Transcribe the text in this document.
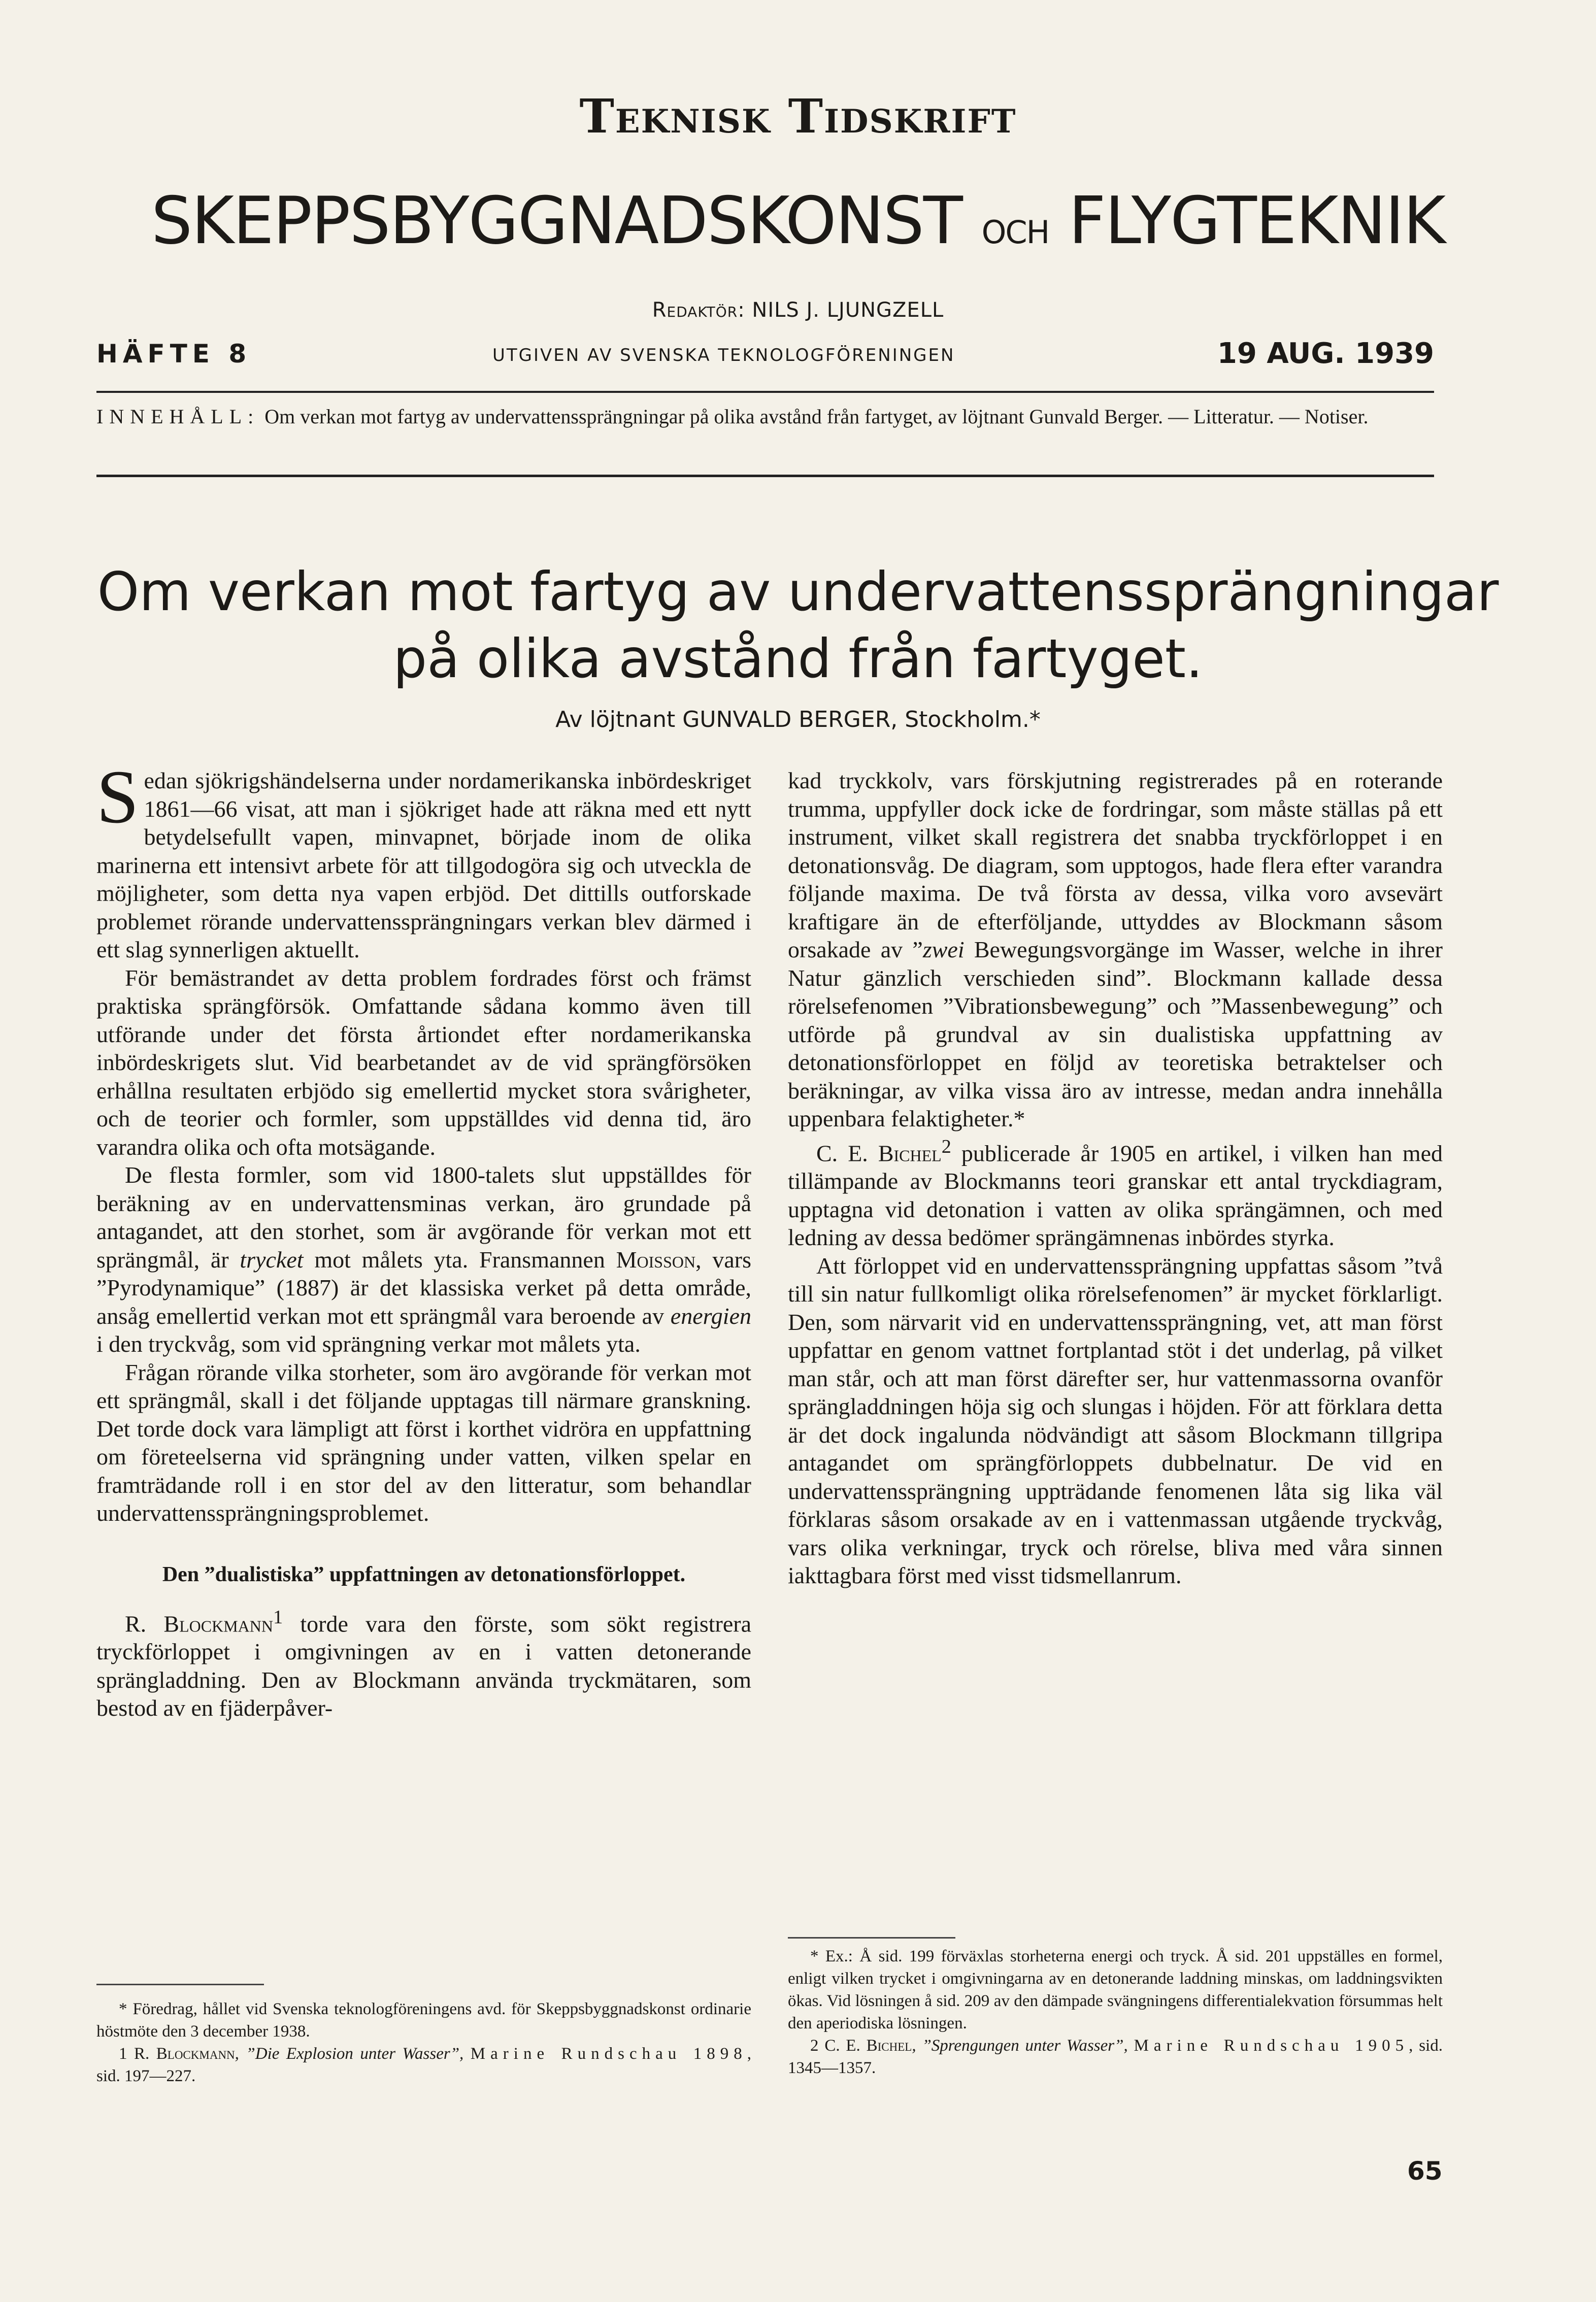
Teknisk Tidskrift
SKEPPSBYGGNADSKONST och FLYGTEKNIK
Redaktör: NILS J. LJUNGZELL
HÄFTE 8	UTGIVEN AV SVENSKA TEKNOLOGFÖRENINGEN	19 AUG. 1939
INNEHÅLL: Om verkan mot fartyg av undervattenssprängningar på olika avstånd från fartyget, av löjtnant Gunvald Berger. — Litteratur. — Notiser.
Om verkan mot fartyg av undervattenssprängningar
på olika avstånd från fartyget.
Av löjtnant GUNVALD BERGER, Stockholm.*

Sedan sjökrigshändelserna under nordamerikanska inbördeskriget 1861—66 visat, att man i sjökriget hade att räkna med ett nytt betydelsefullt vapen, minvapnet, började inom de olika marinerna ett intensivt arbete för att tillgodogöra sig och utveckla de möjligheter, som detta nya vapen erbjöd. Det dittills outforskade problemet rörande undervattenssprängningars verkan blev därmed i ett slag synnerligen aktuellt.

För bemästrandet av detta problem fordrades först och främst praktiska sprängförsök. Omfattande sådana kommo även till utförande under det första årtiondet efter nordamerikanska inbördeskrigets slut. Vid bearbetandet av de vid sprängförsöken erhållna resultaten erbjödo sig emellertid mycket stora svårigheter, och de teorier och formler, som uppställdes vid denna tid, äro varandra olika och ofta motsägande.

De flesta formler, som vid 1800-talets slut uppställdes för beräkning av en undervattensminas verkan, äro grundade på antagandet, att den storhet, som är avgörande för verkan mot ett sprängmål, är trycket mot målets yta. Fransmannen Moisson, vars ”Pyrodynamique” (1887) är det klassiska verket på detta område, ansåg emellertid verkan mot ett sprängmål vara beroende av energien i den tryckvåg, som vid sprängning verkar mot målets yta.

Frågan rörande vilka storheter, som äro avgörande för verkan mot ett sprängmål, skall i det följande upptagas till närmare granskning. Det torde dock vara lämpligt att först i korthet vidröra en uppfattning om företeelserna vid sprängning under vatten, vilken spelar en framträdande roll i en stor del av den litteratur, som behandlar undervattenssprängningsproblemet.

Den ”dualistiska” uppfattningen av detonationsförloppet.

R. Blockmann$^1$ torde vara den förste, som sökt registrera tryckförloppet i omgivningen av en i vatten detonerande sprängladdning. Den av Blockmann använda tryckmätaren, som bestod av en fjäderpåver-

kad tryckkolv, vars förskjutning registrerades på en roterande trumma, uppfyller dock icke de fordringar, som måste ställas på ett instrument, vilket skall registrera det snabba tryckförloppet i en detonationsvåg. De diagram, som upptogos, hade flera efter varandra följande maxima. De två första av dessa, vilka voro avsevärt kraftigare än de efterföljande, uttyddes av Blockmann såsom orsakade av ”zwei Bewegungsvorgänge im Wasser, welche in ihrer Natur gänzlich verschieden sind”. Blockmann kallade dessa rörelsefenomen ”Vibrationsbewegung” och ”Massenbewegung” och utförde på grundval av sin dualistiska uppfattning av detonationsförloppet en följd av teoretiska betraktelser och beräkningar, av vilka vissa äro av intresse, medan andra innehålla uppenbara felaktigheter.*

C. E. Bichel$^2$ publicerade år 1905 en artikel, i vilken han med tillämpande av Blockmanns teori granskar ett antal tryckdiagram, upptagna vid detonation i vatten av olika sprängämnen, och med ledning av dessa bedömer sprängämnenas inbördes styrka.

Att förloppet vid en undervattenssprängning uppfattas såsom ”två till sin natur fullkomligt olika rörelsefenomen” är mycket förklarligt. Den, som närvarit vid en undervattenssprängning, vet, att man först uppfattar en genom vattnet fortplantad stöt i det underlag, på vilket man står, och att man först därefter ser, hur vattenmassorna ovanför sprängladdningen höja sig och slungas i höjden. För att förklara detta är det dock ingalunda nödvändigt att såsom Blockmann tillgripa antagandet om sprängförloppets dubbelnatur. De vid en undervattenssprängning uppträdande fenomenen låta sig lika väl förklaras såsom orsakade av en i vattenmassan utgående tryckvåg, vars olika verkningar, tryck och rörelse, bliva med våra sinnen iakttagbara först med visst tidsmellanrum.

* Föredrag, hållet vid Svenska teknologföreningens avd. för Skeppsbyggnadskonst ordinarie höstmöte den 3 december 1938.

1 R. Blockmann, ”Die Explosion unter Wasser”, Marine Rundschau 1898, sid. 197—227.

* Ex.: Å sid. 199 förväxlas storheterna energi och tryck. Å sid. 201 uppställes en formel, enligt vilken trycket i omgivningarna av en detonerande laddning minskas, om laddningsvikten ökas. Vid lösningen å sid. 209 av den dämpade svängningens differentialekvation försummas helt den aperiodiska lösningen.

2 C. E. Bichel, ”Sprengungen unter Wasser”, Marine Rundschau 1905, sid. 1345—1357.

65
